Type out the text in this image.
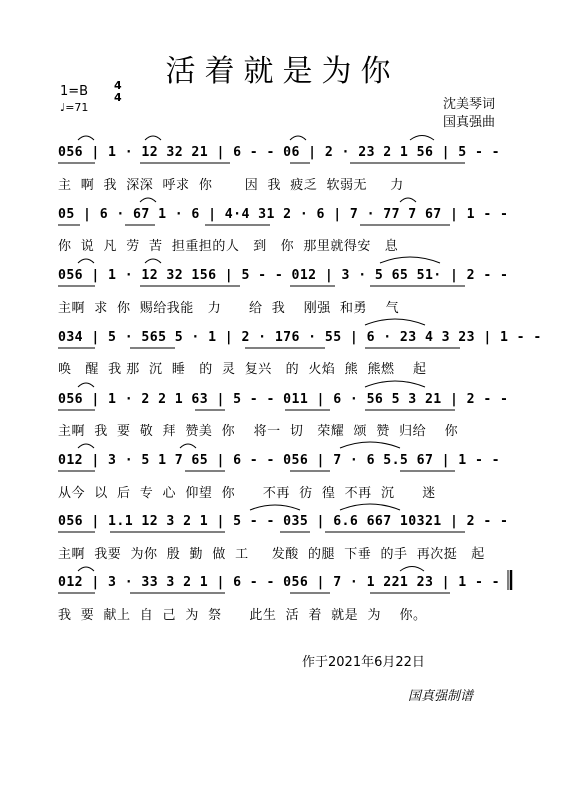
活着就是为你
1=B 4
4
♩=71	沈美琴词
国真强曲
056 | 1 · 12 32 21 | 6 - - 06 | 2 · 23 2 1 56 | 5 - -
主  啊  我  深深  呼求  你       因  我  疲乏  软弱无     力
05 | 6 · 67 1 · 6 | 4·4 31 2 · 6 | 7 · 77 7 67 | 1 - -
你  说  凡  劳  苦  担重担的人   到   你  那里就得安   息
056 | 1 · 12 32 156 | 5 - - 012 | 3 · 5 65 51· | 2 - -
主啊  求  你  赐给我能   力      给  我    刚强  和勇    气
034 | 5 · 565 5 · 1 | 2 · 176 · 55 | 6 · 23 4 3 23 | 1 - -
唤   醒  我 那  沉  睡   的  灵  复兴   的  火焰  熊  熊燃    起
056 | 1 · 2 2 1 63 | 5 - - 011 | 6 · 56 5 3 21 | 2 - -
主啊  我  要  敬  拜  赞美  你    将一  切   荣耀  颂  赞  归给    你
012 | 3 · 5 1 7 65 | 6 - - 056 | 7 · 6 5.5 67 | 1 - -
从今  以  后  专  心  仰望  你      不再  彷  徨  不再  沉      迷
056 | 1.1 12 3 2 1 | 5 - - 035 | 6.6 667 10321 | 2 - -
主啊  我要  为你  殷  勤  做  工     发酸  的腿  下垂  的手  再次挺   起
012 | 3 · 33 3 2 1 | 6 - - 056 | 7 · 1 221 23 | 1 - -
我  要  献上  自  己  为  祭      此生  活  着  就是  为    你。
作于2021年6月22日
国真强制谱
